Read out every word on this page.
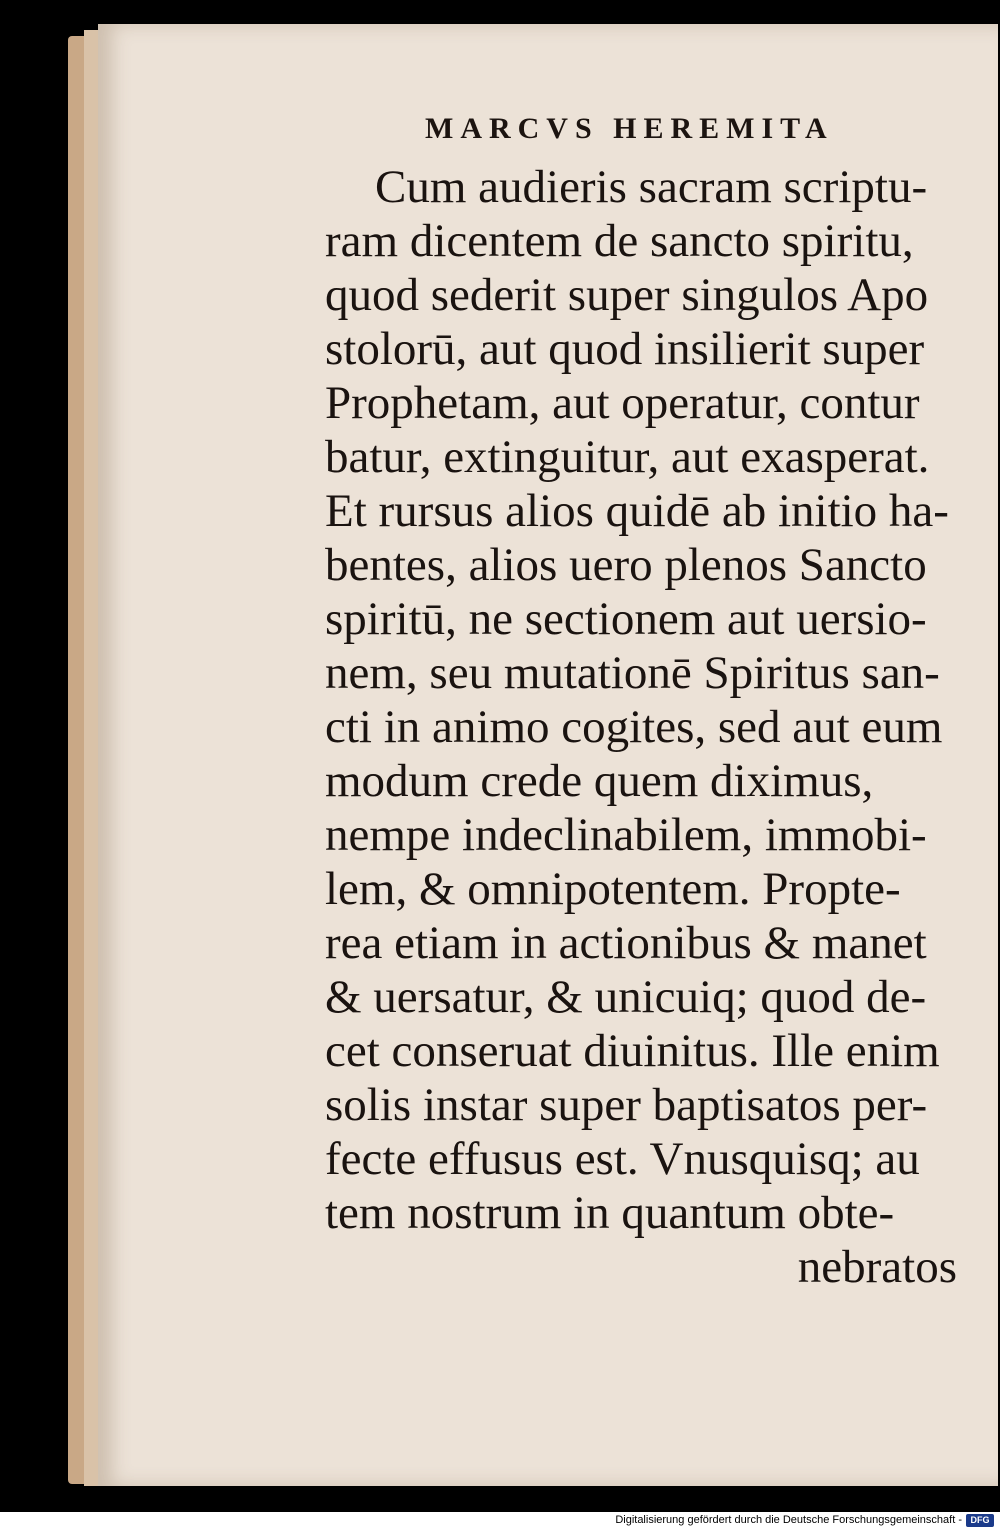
MARCVS HEREMITA
Cum audieris sacram scriptu-
ram dicentem de sancto spiritu,
quod sederit super singulos Apo
stolorū, aut quod insilierit super
Prophetam, aut operatur, contur
batur, extinguitur, aut exasperat.
Et rursus alios quidē ab initio ha-
bentes, alios uero plenos Sancto
spiritū, ne sectionem aut uersio-
nem, seu mutationē Spiritus san-
cti in animo cogites, sed aut eum
modum crede quem diximus,
nempe indeclinabilem, immobi-
lem, & omnipotentem. Propte-
rea etiam in actionibus & manet
& uersatur, & unicuiq; quod de-
cet conseruat diuinitus. Ille enim
solis instar super baptisatos per-
fecte effusus est. Vnusquisq; au
tem nostrum in quantum obte-
nebratos
Digitalisierung gefördert durch die Deutsche Forschungsgemeinschaft - DFG
